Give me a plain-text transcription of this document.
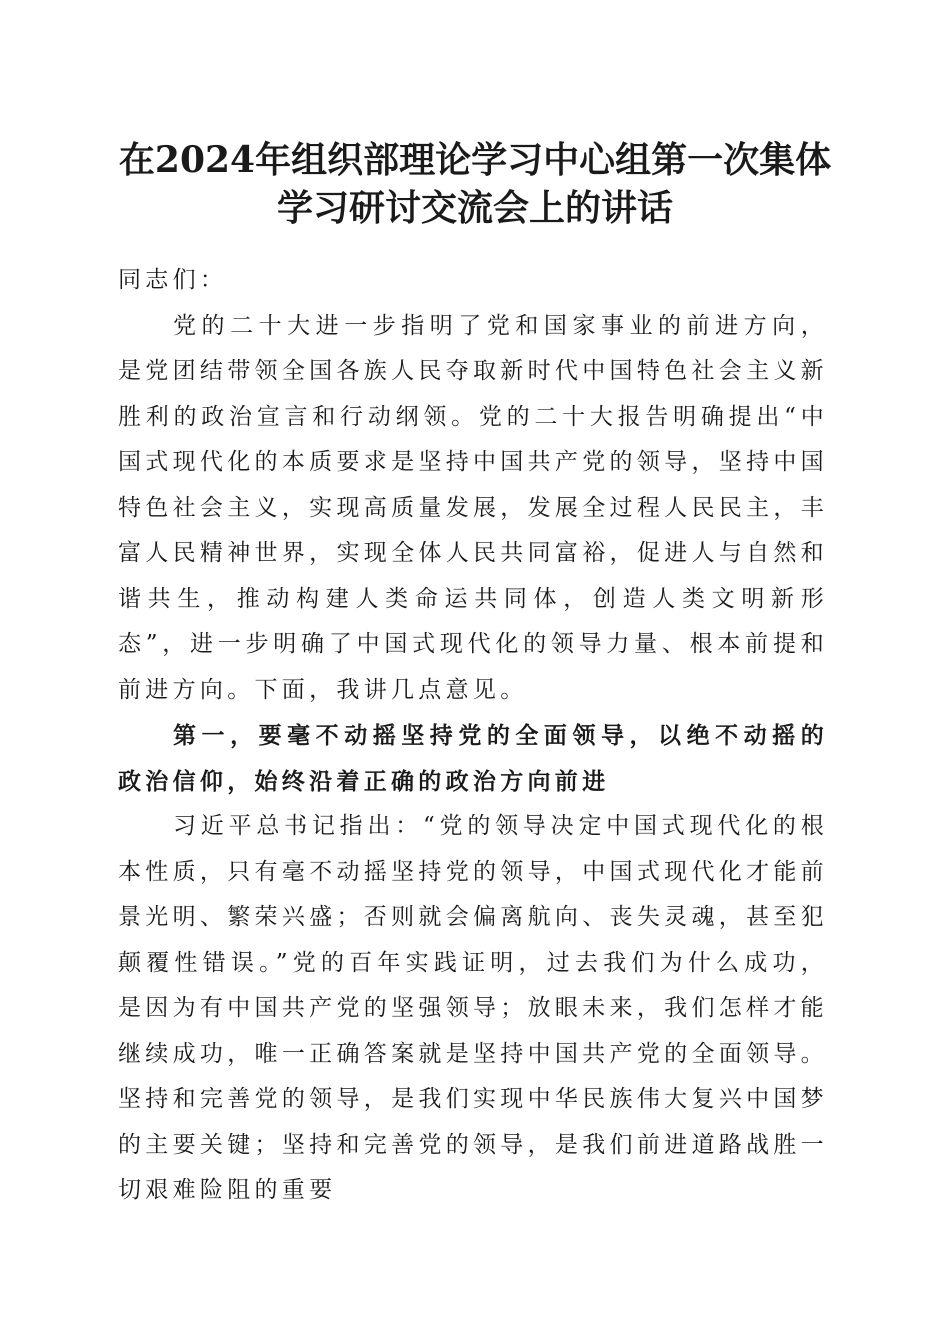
在2024年组织部理论学习中心组第一次集体
学习研讨交流会上的讲话

同志们：

党的二十大进一步指明了党和国家事业的前进方向，是党团结带领全国各族人民夺取新时代中国特色社会主义新胜利的政治宣言和行动纲领。党的二十大报告明确提出“中国式现代化的本质要求是坚持中国共产党的领导，坚持中国特色社会主义，实现高质量发展，发展全过程人民民主，丰富人民精神世界，实现全体人民共同富裕，促进人与自然和谐共生，推动构建人类命运共同体，创造人类文明新形态”，进一步明确了中国式现代化的领导力量、根本前提和前进方向。下面，我讲几点意见。

第一，要毫不动摇坚持党的全面领导，以绝不动摇的政治信仰，始终沿着正确的政治方向前进

习近平总书记指出：“党的领导决定中国式现代化的根本性质，只有毫不动摇坚持党的领导，中国式现代化才能前景光明、繁荣兴盛；否则就会偏离航向、丧失灵魂，甚至犯颠覆性错误。”党的百年实践证明，过去我们为什么成功，是因为有中国共产党的坚强领导；放眼未来，我们怎样才能继续成功，唯一正确答案就是坚持中国共产党的全面领导。坚持和完善党的领导，是我们实现中华民族伟大复兴中国梦的主要关键；坚持和完善党的领导，是我们前进道路战胜一切艰难险阻的重要
